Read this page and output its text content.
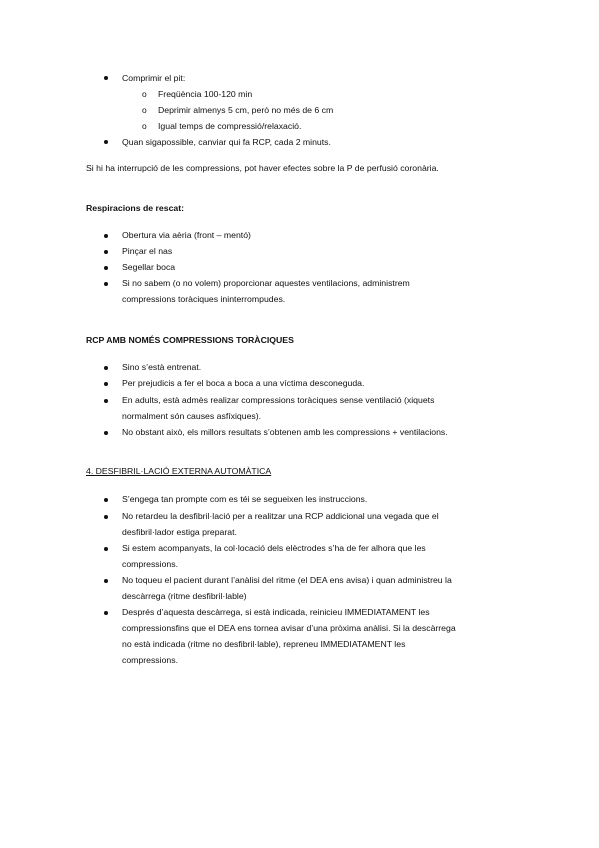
Comprimir el pit:
o Freqüència 100-120 min
o Deprimir almenys 5 cm, però no més de 6 cm
o Igual temps de compressió/relaxació.
Quan sigapossible, canviar qui fa RCP, cada 2 minuts.
Si hi ha interrupció de les compressions, pot haver efectes sobre la P de perfusió coronària.
Respiracions de rescat:
Obertura via aèria (front – mentó)
Pinçar el nas
Segellar boca
Si no sabem (o no volem) proporcionar aquestes ventilacions, administrem
compressions toràciques ininterrompudes.
RCP AMB NOMÉS COMPRESSIONS TORÀCIQUES
Sino s’està entrenat.
Per prejudicis a fer el boca a boca a una víctima desconeguda.
En adults, està admès realizar compressions toràciques sense ventilació (xiquets
normalment són causes asfíxiques).
No obstant això, els millors resultats s’obtenen amb les compressions + ventilacions.
4. DESFIBRIL·LACIÓ EXTERNA AUTOMÀTICA
S’engega tan prompte com es téi se segueixen les instruccions.
No retardeu la desfibril·lació per a realitzar una RCP addicional una vegada que el
desfibril·lador estiga preparat.
Si estem acompanyats, la col·locació dels elèctrodes s’ha de fer alhora que les
compressions.
No toqueu el pacient durant l’anàlisi del ritme (el DEA ens avisa) i quan administreu la
descàrrega (ritme desfibril·lable)
Després d’aquesta descàrrega, si està indicada, reinicieu IMMEDIATAMENT les
compressionsfins que el DEA ens tornea avisar d’una pròxima anàlisi. Si la descàrrega
no està indicada (ritme no desfibril·lable), repreneu IMMEDIATAMENT les
compressions.
